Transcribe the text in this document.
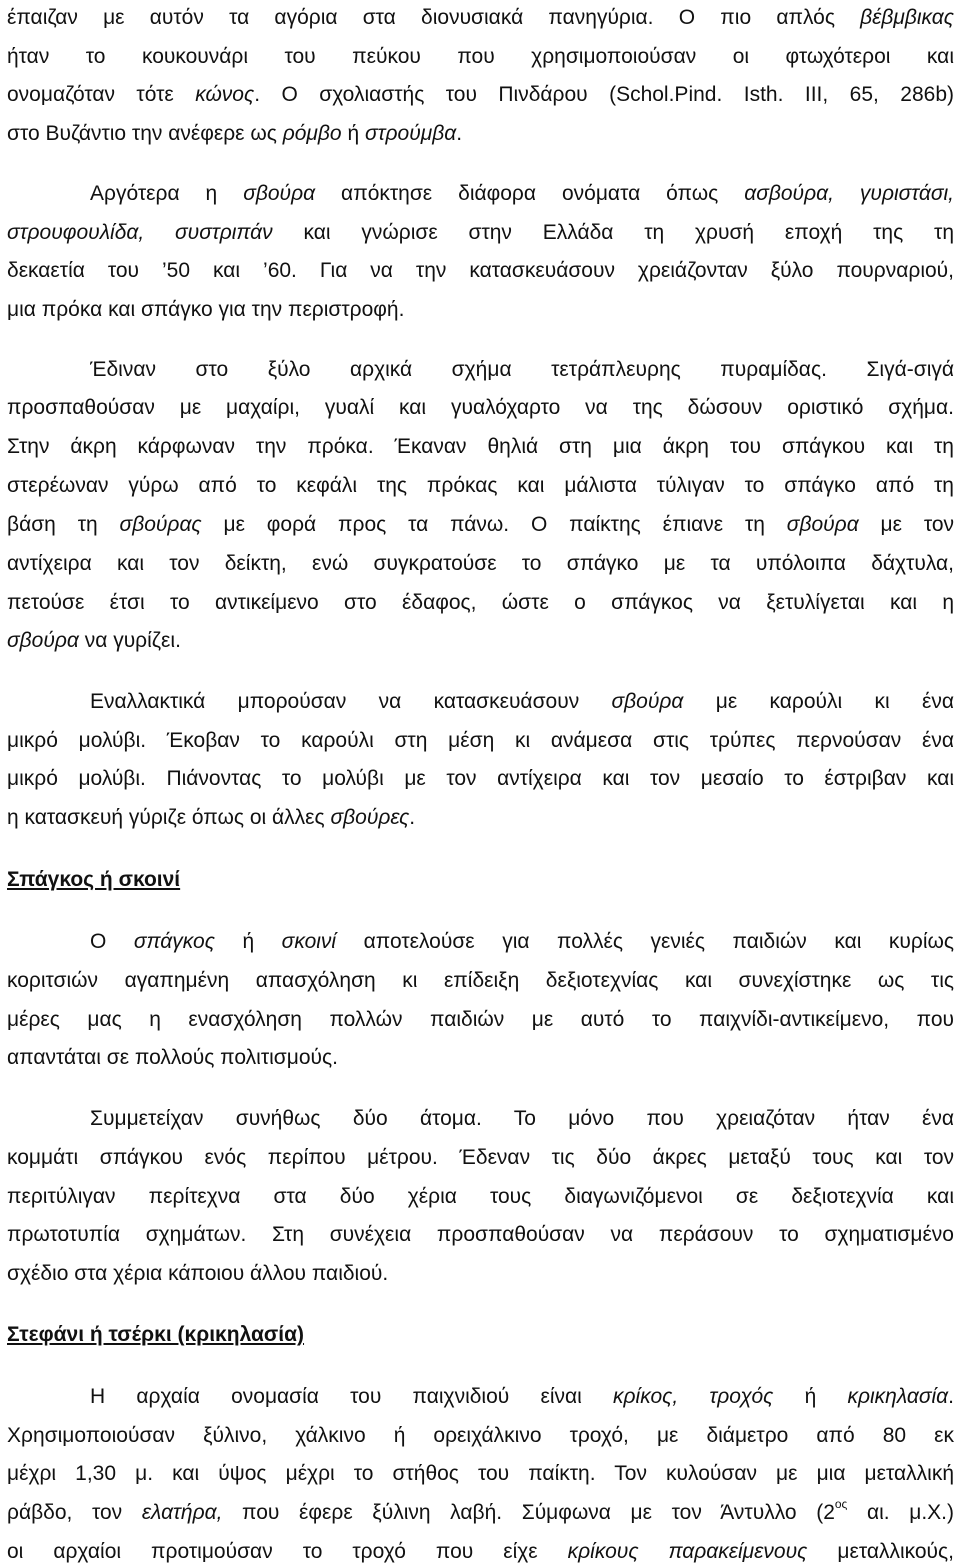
έπαιζαν με αυτόν τα αγόρια στα διονυσιακά πανηγύρια. Ο πιο απλός βέβμβικας
ήταν το κουκουνάρι του πεύκου που χρησιμοποιούσαν οι φτωχότεροι και
ονομαζόταν τότε κώνος. Ο σχολιαστής του Πινδάρου (Schol.Pind. Isth. III, 65, 286b)
στο Βυζάντιο την ανέφερε ως ρόμβο ή στρούμβα.
Αργότερα η σβούρα απόκτησε διάφορα ονόματα όπως ασβούρα, γυριστάσι,
στρουφουλίδα, συστριπάν και γνώρισε στην Ελλάδα τη χρυσή εποχή της τη
δεκαετία του ’50 και ’60. Για να την κατασκευάσουν χρειάζονταν ξύλο πουρναριού,
μια πρόκα και σπάγκο για την περιστροφή.
Έδιναν στο ξύλο αρχικά σχήμα τετράπλευρης πυραμίδας. Σιγά-σιγά
προσπαθούσαν με μαχαίρι, γυαλί και γυαλόχαρτο να της δώσουν οριστικό σχήμα.
Στην άκρη κάρφωναν την πρόκα. Έκαναν θηλιά στη μια άκρη του σπάγκου και τη
στερέωναν γύρω από το κεφάλι της πρόκας και μάλιστα τύλιγαν το σπάγκο από τη
βάση τη σβούρας με φορά προς τα πάνω. Ο παίκτης έπιανε τη σβούρα με τον
αντίχειρα και τον δείκτη, ενώ συγκρατούσε το σπάγκο με τα υπόλοιπα δάχτυλα,
πετούσε έτσι το αντικείμενο στο έδαφος, ώστε ο σπάγκος να ξετυλίγεται και η
σβούρα να γυρίζει.
Εναλλακτικά μπορούσαν να κατασκευάσουν σβούρα με καρούλι κι ένα
μικρό μολύβι. Έκοβαν το καρούλι στη μέση κι ανάμεσα στις τρύπες περνούσαν ένα
μικρό μολύβι. Πιάνοντας το μολύβι με τον αντίχειρα και τον μεσαίο το έστριβαν και
η κατασκευή γύριζε όπως οι άλλες σβούρες.
Σπάγκος ή σκοινί
Ο σπάγκος ή σκοινί αποτελούσε για πολλές γενιές παιδιών και κυρίως
κοριτσιών αγαπημένη απασχόληση κι επίδειξη δεξιοτεχνίας και συνεχίστηκε ως τις
μέρες μας η ενασχόληση πολλών παιδιών με αυτό το παιχνίδι-αντικείμενο, που
απαντάται σε πολλούς πολιτισμούς.
Συμμετείχαν συνήθως δύο άτομα. Το μόνο που χρειαζόταν ήταν ένα
κομμάτι σπάγκου ενός περίπου μέτρου. Έδεναν τις δύο άκρες μεταξύ τους και τον
περιτύλιγαν περίτεχνα στα δύο χέρια τους διαγωνιζόμενοι σε δεξιοτεχνία και
πρωτοτυπία σχημάτων. Στη συνέχεια προσπαθούσαν να περάσουν το σχηματισμένο
σχέδιο στα χέρια κάποιου άλλου παιδιού.
Στεφάνι ή τσέρκι (κρικηλασία)
Η αρχαία ονομασία του παιχνιδιού είναι κρίκος, τροχός ή κρικηλασία.
Χρησιμοποιούσαν ξύλινο, χάλκινο ή ορειχάλκινο τροχό, με διάμετρο από 80 εκ
μέχρι 1,30 μ. και ύψος μέχρι το στήθος του παίκτη. Τον κυλούσαν με μια μεταλλική
ράβδο, τον ελατήρα, που έφερε ξύλινη λαβή. Σύμφωνα με τον Άντυλλο ($2^{o\varsigma}$ αι. μ.Χ.)
οι αρχαίοι προτιμούσαν το τροχό που είχε κρίκους παρακείμενους μεταλλικούς,
